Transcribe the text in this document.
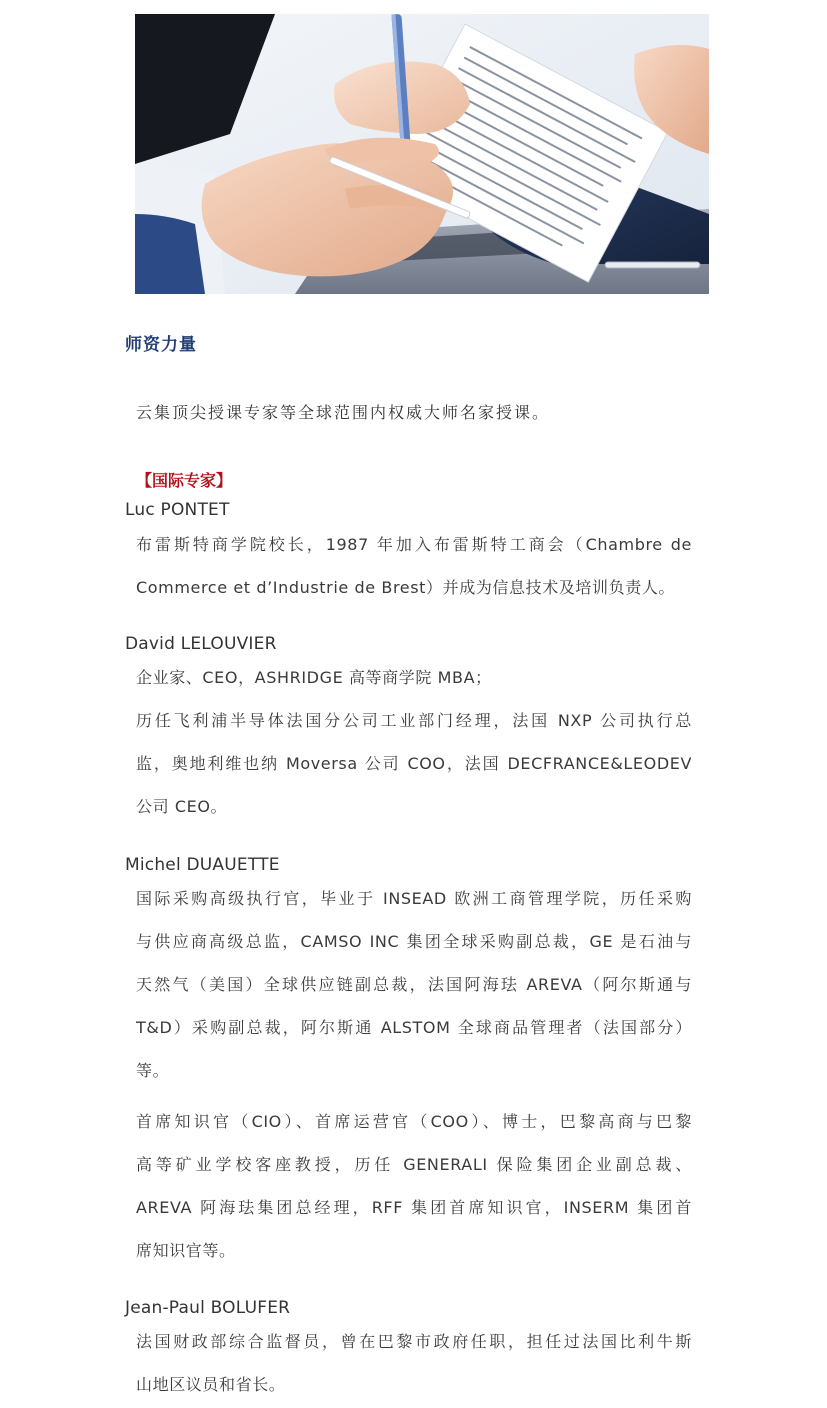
师资力量
云集顶尖授课专家等全球范围内权威大师名家授课。
【国际专家】
Luc PONTET
布雷斯特商学院校长，1987 年加入布雷斯特工商会（Chambre de
Commerce et d’Industrie de Brest）并成为信息技术及培训负责人。
David LELOUVIER
企业家、CEO，ASHRIDGE 高等商学院 MBA；
历任飞利浦半导体法国分公司工业部门经理，法国 NXP 公司执行总
监，奥地利维也纳 Moversa 公司 COO，法国 DECFRANCE&LEODEV
公司 CEO。
Michel DUAUETTE
国际采购高级执行官，毕业于 INSEAD 欧洲工商管理学院，历任采购
与供应商高级总监，CAMSO INC 集团全球采购副总裁，GE 是石油与
天然气（美国）全球供应链副总裁，法国阿海珐 AREVA（阿尔斯通与
T&D）采购副总裁，阿尔斯通 ALSTOM 全球商品管理者（法国部分）
等。
首席知识官（CIO）、首席运营官（COO）、博士，巴黎高商与巴黎
高等矿业学校客座教授，历任 GENERALI 保险集团企业副总裁、
AREVA 阿海珐集团总经理，RFF 集团首席知识官，INSERM 集团首
席知识官等。
Jean-Paul BOLUFER
法国财政部综合监督员，曾在巴黎市政府任职，担任过法国比利牛斯
山地区议员和省长。
